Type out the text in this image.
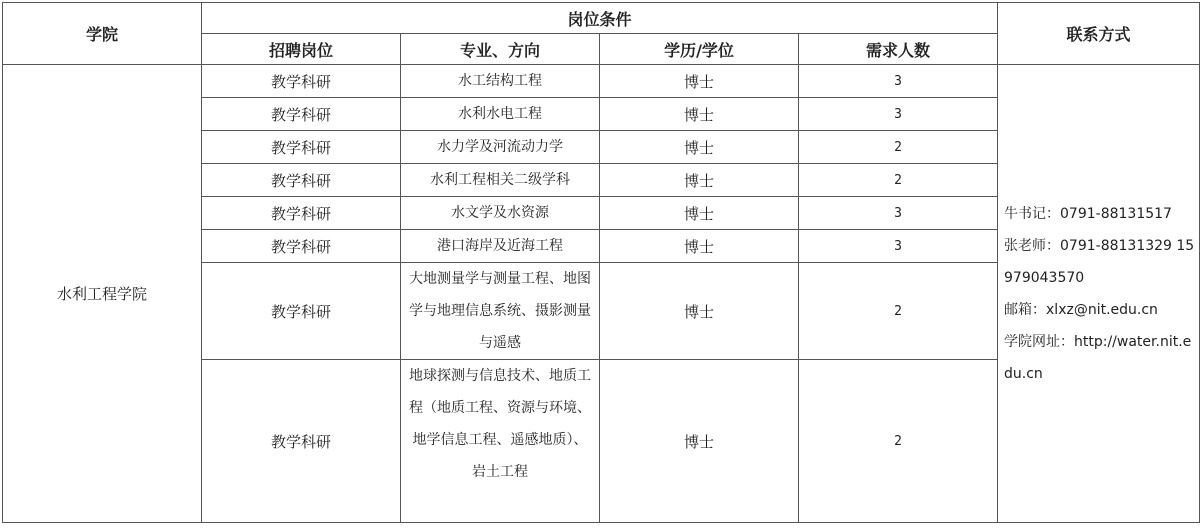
学院	岗位条件				联系方式
	招聘岗位	专业、方向	学历/学位	需求人数	
水利工程学院	教学科研	水工结构工程	博士	3	牛书记：0791-88131517
张老师：0791-88131329 15979043570
邮箱：xlxz@nit.edu.cn
学院网址：http://water.nit.edu.cn

	教学科研	水利水电工程	博士	3	
	教学科研	水力学及河流动力学	博士	2	
	教学科研	水利工程相关二级学科	博士	2	
	教学科研	水文学及水资源	博士	3	
	教学科研	港口海岸及近海工程	博士	3	
	教学科研	大地测量学与测量工程、地图学与地理信息系统、摄影测量与遥感	博士	2	
	教学科研	地球探测与信息技术、地质工程（地质工程、资源与环境、地学信息工程、遥感地质）、岩土工程	博士	2	
